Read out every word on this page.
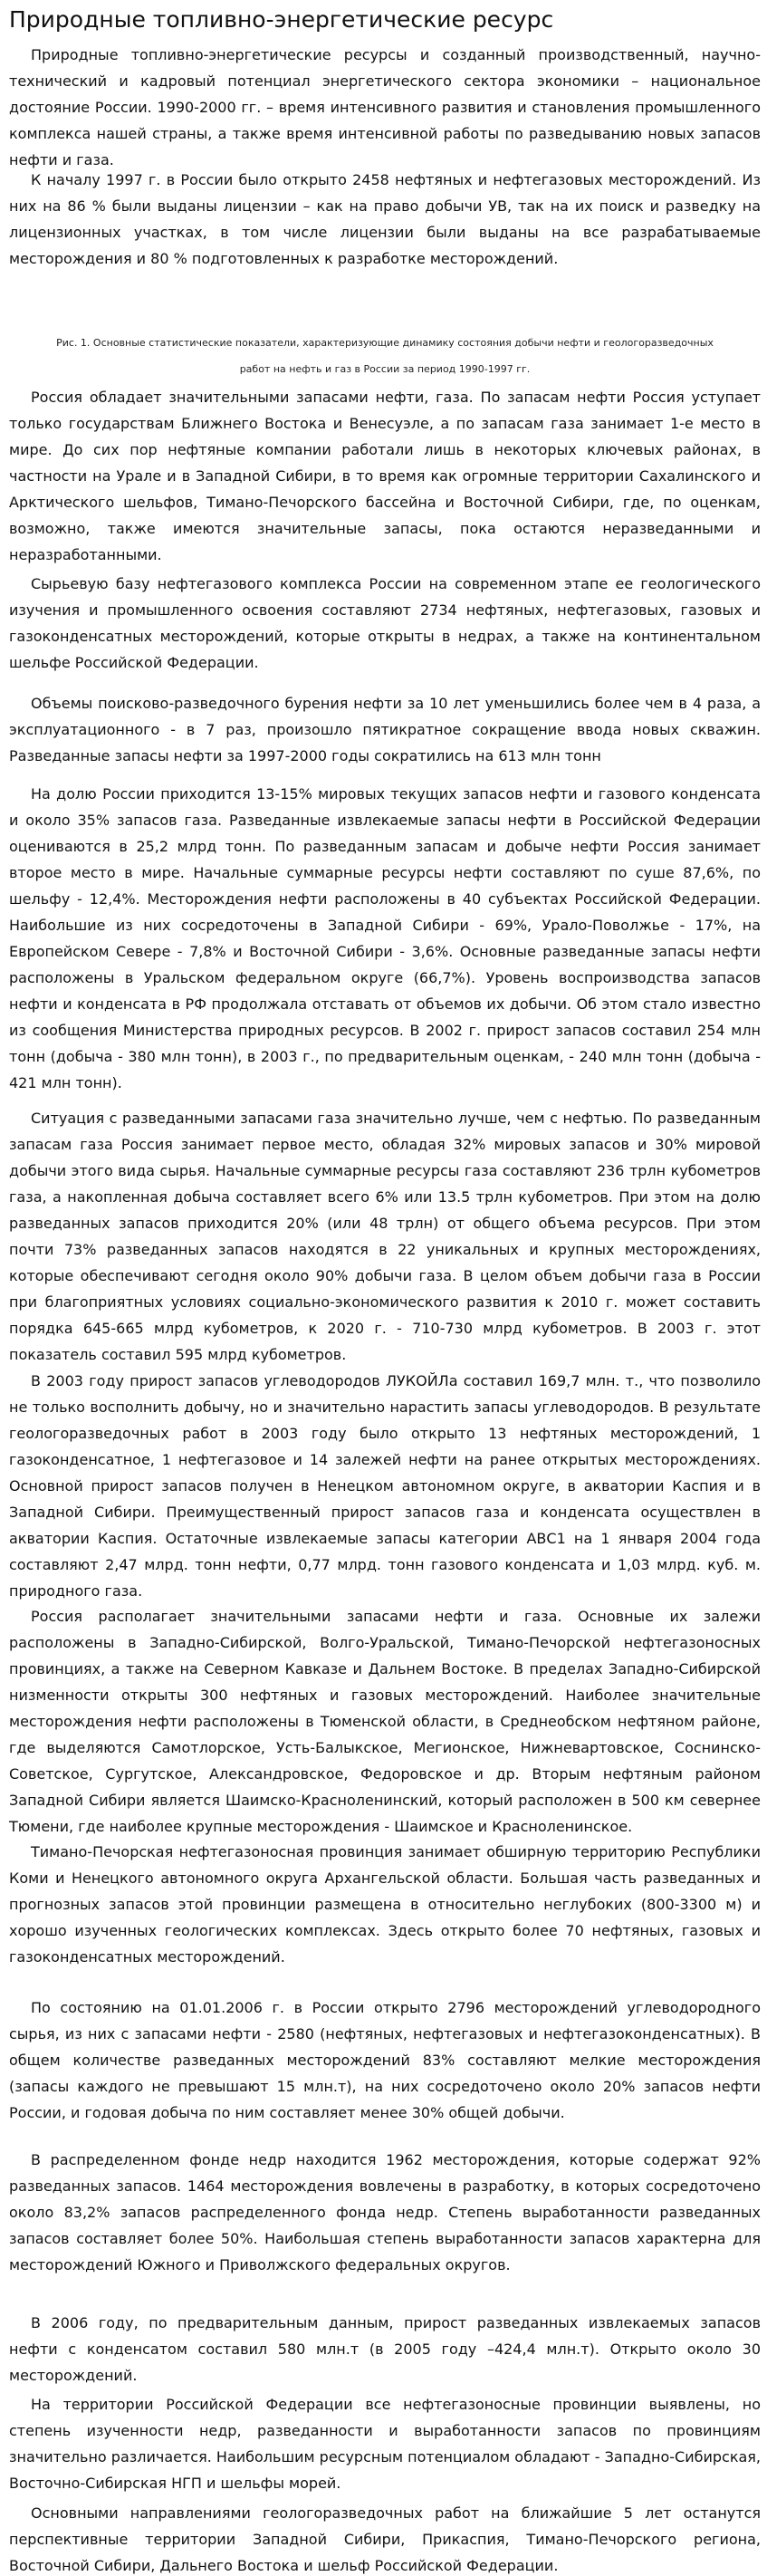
Природные топливно-энергетические ресурс

Природные топливно-энергетические ресурсы и созданный производственный, научно-технический и кадровый потенциал энергетического сектора экономики – национальное достояние России. 1990-2000 гг. – время интенсивного развития и становления промышленного комплекса нашей страны, а также время интенсивной работы по разведыванию новых запасов нефти и газа.

К началу 1997 г. в России было открыто 2458 нефтяных и нефтегазовых месторождений. Из них на 86 % были выданы лицензии – как на право добычи УВ, так на их поиск и разведку на лицензионных участках, в том числе лицензии были выданы на все разрабатываемые месторождения и 80 % подготовленных к разработке месторождений.

Рис. 1. Основные статистические показатели, характеризующие динамику состояния добычи нефти и геологоразведочных работ на нефть и газ в России за период 1990-1997 гг.

Россия обладает значительными запасами нефти, газа. По запасам нефти Россия уступает только государствам Ближнего Востока и Венесуэле, а по запасам газа занимает 1-е место в мире. До сих пор нефтяные компании работали лишь в некоторых ключевых районах, в частности на Урале и в Западной Сибири, в то время как огромные территории Сахалинского и Арктического шельфов, Тимано-Печорского бассейна и Восточной Сибири, где, по оценкам, возможно, также имеются значительные запасы, пока остаются неразведанными и неразработанными.

Сырьевую базу нефтегазового комплекса России на современном этапе ее геологического изучения и промышленного освоения составляют 2734 нефтяных, нефтегазовых, газовых и газоконденсатных месторождений, которые открыты в недрах, а также на континентальном шельфе Российской Федерации.

Объемы поисково-разведочного бурения нефти за 10 лет уменьшились более чем в 4 раза, а эксплуатационного - в 7 раз, произошло пятикратное сокращение ввода новых скважин. Разведанные запасы нефти за 1997-2000 годы сократились на 613 млн тонн

На долю России приходится 13-15% мировых текущих запасов нефти и газового конденсата и около 35% запасов газа. Разведанные извлекаемые запасы нефти в Российской Федерации оцениваются в 25,2 млрд тонн. По разведанным запасам и добыче нефти Россия занимает второе место в мире. Начальные суммарные ресурсы нефти составляют по суше 87,6%, по шельфу - 12,4%. Месторождения нефти расположены в 40 субъектах Российской Федерации. Наибольшие из них сосредоточены в Западной Сибири - 69%, Урало-Поволжье - 17%, на Европейском Севере - 7,8% и Восточной Сибири - 3,6%. Основные разведанные запасы нефти расположены в Уральском федеральном округе (66,7%). Уровень воспроизводства запасов нефти и конденсата в РФ продолжала отставать от объемов их добычи. Об этом стало известно из сообщения Министерства природных ресурсов. В 2002 г. прирост запасов составил 254 млн тонн (добыча - 380 млн тонн), в 2003 г., по предварительным оценкам, - 240 млн тонн (добыча - 421 млн тонн).

Ситуация с разведанными запасами газа значительно лучше, чем с нефтью. По разведанным запасам газа Россия занимает первое место, обладая 32% мировых запасов и 30% мировой добычи этого вида сырья. Начальные суммарные ресурсы газа составляют 236 трлн кубометров газа, а накопленная добыча составляет всего 6% или 13.5 трлн кубометров. При этом на долю разведанных запасов приходится 20% (или 48 трлн) от общего объема ресурсов. При этом почти 73% разведанных запасов находятся в 22 уникальных и крупных месторождениях, которые обеспечивают сегодня около 90% добычи газа. В целом объем добычи газа в России при благоприятных условиях социально-экономического развития к 2010 г. может составить порядка 645-665 млрд кубометров, к 2020 г. - 710-730 млрд кубометров. В 2003 г. этот показатель составил 595 млрд кубометров.

В 2003 году прирост запасов углеводородов ЛУКОЙЛа составил 169,7 млн. т., что позволило не только восполнить добычу, но и значительно нарастить запасы углеводородов. В результате геологоразведочных работ в 2003 году было открыто 13 нефтяных месторождений, 1 газоконденсатное, 1 нефтегазовое и 14 залежей нефти на ранее открытых месторождениях. Основной прирост запасов получен в Ненецком автономном округе, в акватории Каспия и в Западной Сибири. Преимущественный прирост запасов газа и конденсата осуществлен в акватории Каспия. Остаточные извлекаемые запасы категории АВС1 на 1 января 2004 года составляют 2,47 млрд. тонн нефти, 0,77 млрд. тонн газового конденсата и 1,03 млрд. куб. м. природного газа.

Россия располагает значительными запасами нефти и газа. Основные их залежи расположены в Западно-Сибирской, Волго-Уральской, Тимано-Печорской нефтегазоносных провинциях, а также на Северном Кавказе и Дальнем Востоке. В пределах Западно-Сибирской низменности открыты 300 нефтяных и газовых месторождений. Наиболее значительные месторождения нефти расположены в Тюменской области, в Среднеобском нефтяном районе, где выделяются Самотлорское, Усть-Балыкское, Мегионское, Нижневартовское, Соснинско-Советское, Сургутское, Александровское, Федоровское и др. Вторым нефтяным районом Западной Сибири является Шаимско-Красноленинский, который расположен в 500 км севернее Тюмени, где наиболее крупные месторождения - Шаимское и Красноленинское.

Тимано-Печорская нефтегазоносная провинция занимает обширную территорию Республики Коми и Ненецкого автономного округа Архангельской области. Большая часть разведанных и прогнозных запасов этой провинции размещена в относительно неглубоких (800-3300 м) и хорошо изученных геологических комплексах. Здесь открыто более 70 нефтяных, газовых и газоконденсатных месторождений.

По состоянию на 01.01.2006 г. в России открыто 2796 месторождений углеводородного сырья, из них с запасами нефти - 2580 (нефтяных, нефтегазовых и нефтегазоконденсатных). В общем количестве разведанных месторождений 83% составляют мелкие месторождения (запасы каждого не превышают 15 млн.т), на них сосредоточено около 20% запасов нефти России, и годовая добыча по ним составляет менее 30% общей добычи.

В распределенном фонде недр находится 1962 месторождения, которые содержат 92% разведанных запасов. 1464 месторождения вовлечены в разработку, в которых сосредоточено около 83,2% запасов распределенного фонда недр. Степень выработанности разведанных запасов составляет более 50%. Наибольшая степень выработанности запасов характерна для месторождений Южного и Приволжского федеральных округов.

В 2006 году, по предварительным данным, прирост разведанных извлекаемых запасов нефти с конденсатом составил 580 млн.т (в 2005 году –424,4 млн.т). Открыто около 30 месторождений.

На территории Российской Федерации все нефтегазоносные провинции выявлены, но степень изученности недр, разведанности и выработанности запасов по провинциям значительно различается. Наибольшим ресурсным потенциалом обладают - Западно-Сибирская, Восточно-Сибирская НГП и шельфы морей.

Основными направлениями геологоразведочных работ на ближайшие 5 лет останутся перспективные территории Западной Сибири, Прикаспия, Тимано-Печорского региона, Восточной Сибири, Дальнего Востока и шельф Российской Федерации.
